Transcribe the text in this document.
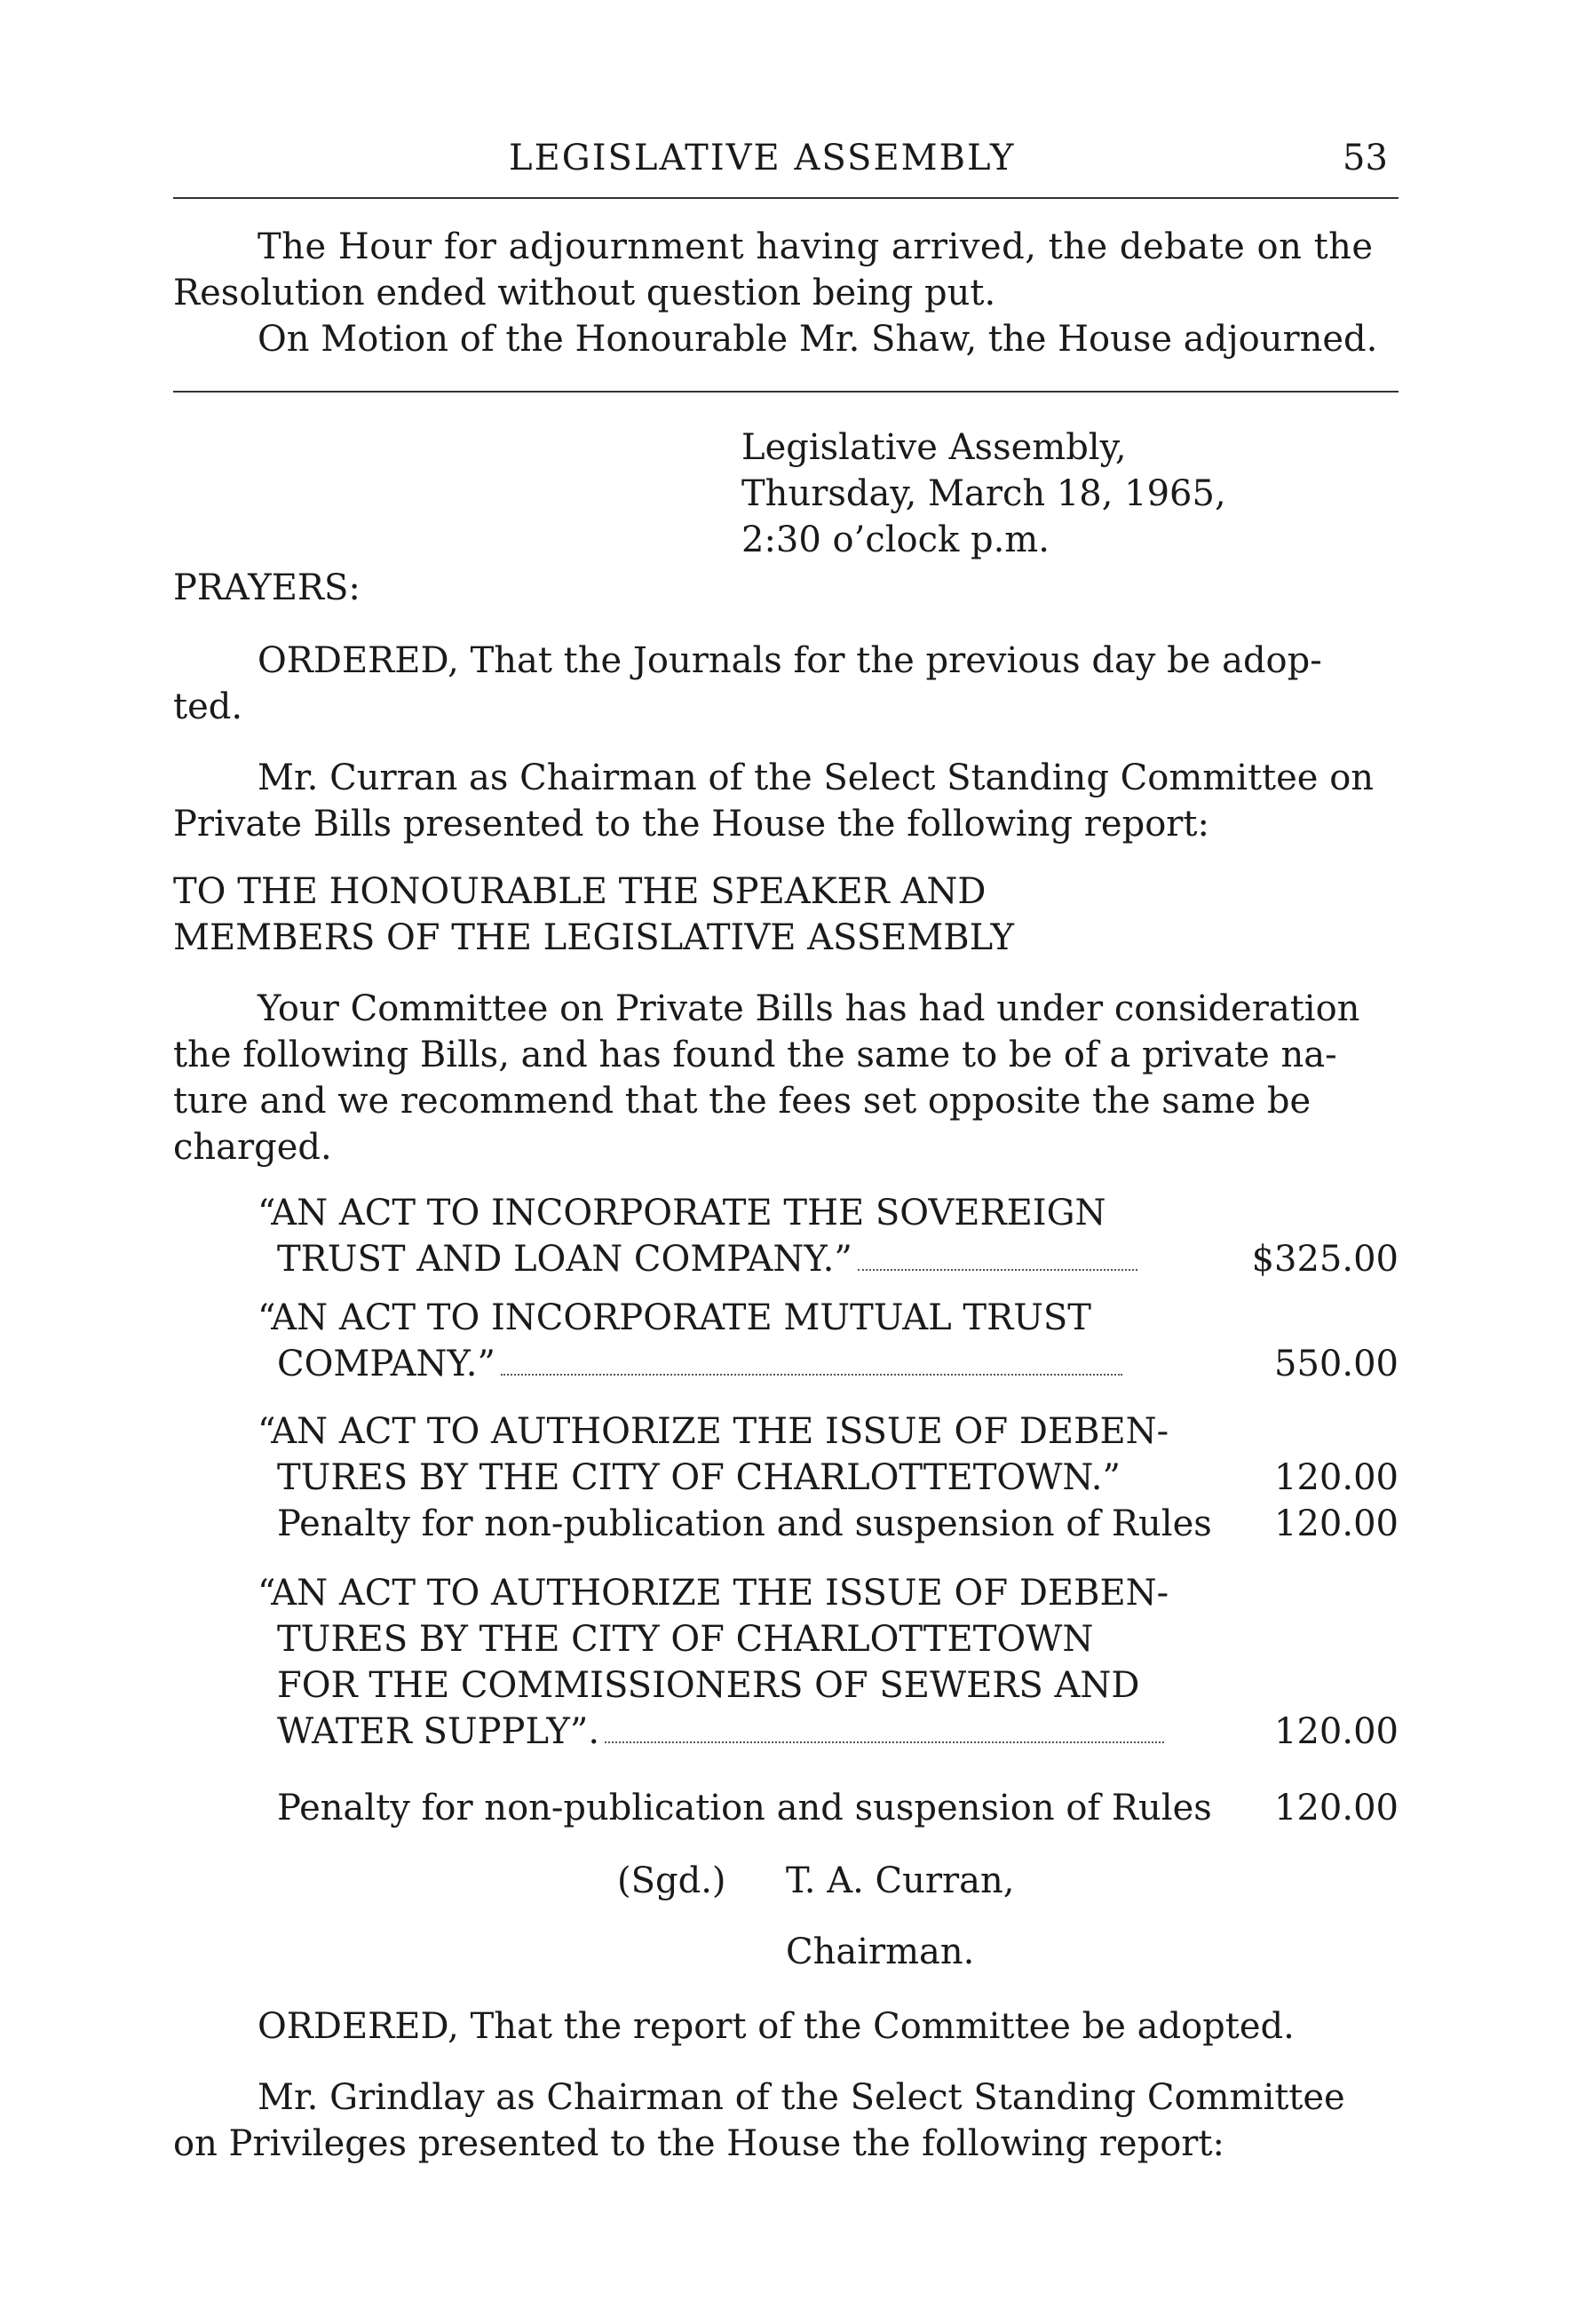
LEGISLATIVE ASSEMBLY	53
The Hour for adjournment having arrived, the debate on the
Resolution ended without question being put.
On Motion of the Honourable Mr. Shaw, the House adjourned.
Legislative Assembly,
Thursday, March 18, 1965,
2:30 o’clock p.m.
PRAYERS:
ORDERED, That the Journals for the previous day be adop-
ted.
Mr. Curran as Chairman of the Select Standing Committee on
Private Bills presented to the House the following report:
TO THE HONOURABLE THE SPEAKER AND
MEMBERS OF THE LEGISLATIVE ASSEMBLY
Your Committee on Private Bills has had under consideration
the following Bills, and has found the same to be of a private na-
ture and we recommend that the fees set opposite the same be
charged.
“AN ACT TO INCORPORATE THE SOVEREIGN
TRUST AND LOAN COMPANY.”	$325.00
“AN ACT TO INCORPORATE MUTUAL TRUST
COMPANY.”	550.00
“AN ACT TO AUTHORIZE THE ISSUE OF DEBEN-
TURES BY THE CITY OF CHARLOTTETOWN.”	120.00
Penalty for non-publication and suspension of Rules	120.00
“AN ACT TO AUTHORIZE THE ISSUE OF DEBEN-
TURES BY THE CITY OF CHARLOTTETOWN
FOR THE COMMISSIONERS OF SEWERS AND
WATER SUPPLY”.	120.00
Penalty for non-publication and suspension of Rules	120.00
(Sgd.) T. A. Curran,
Chairman.
ORDERED, That the report of the Committee be adopted.
Mr. Grindlay as Chairman of the Select Standing Committee
on Privileges presented to the House the following report:
